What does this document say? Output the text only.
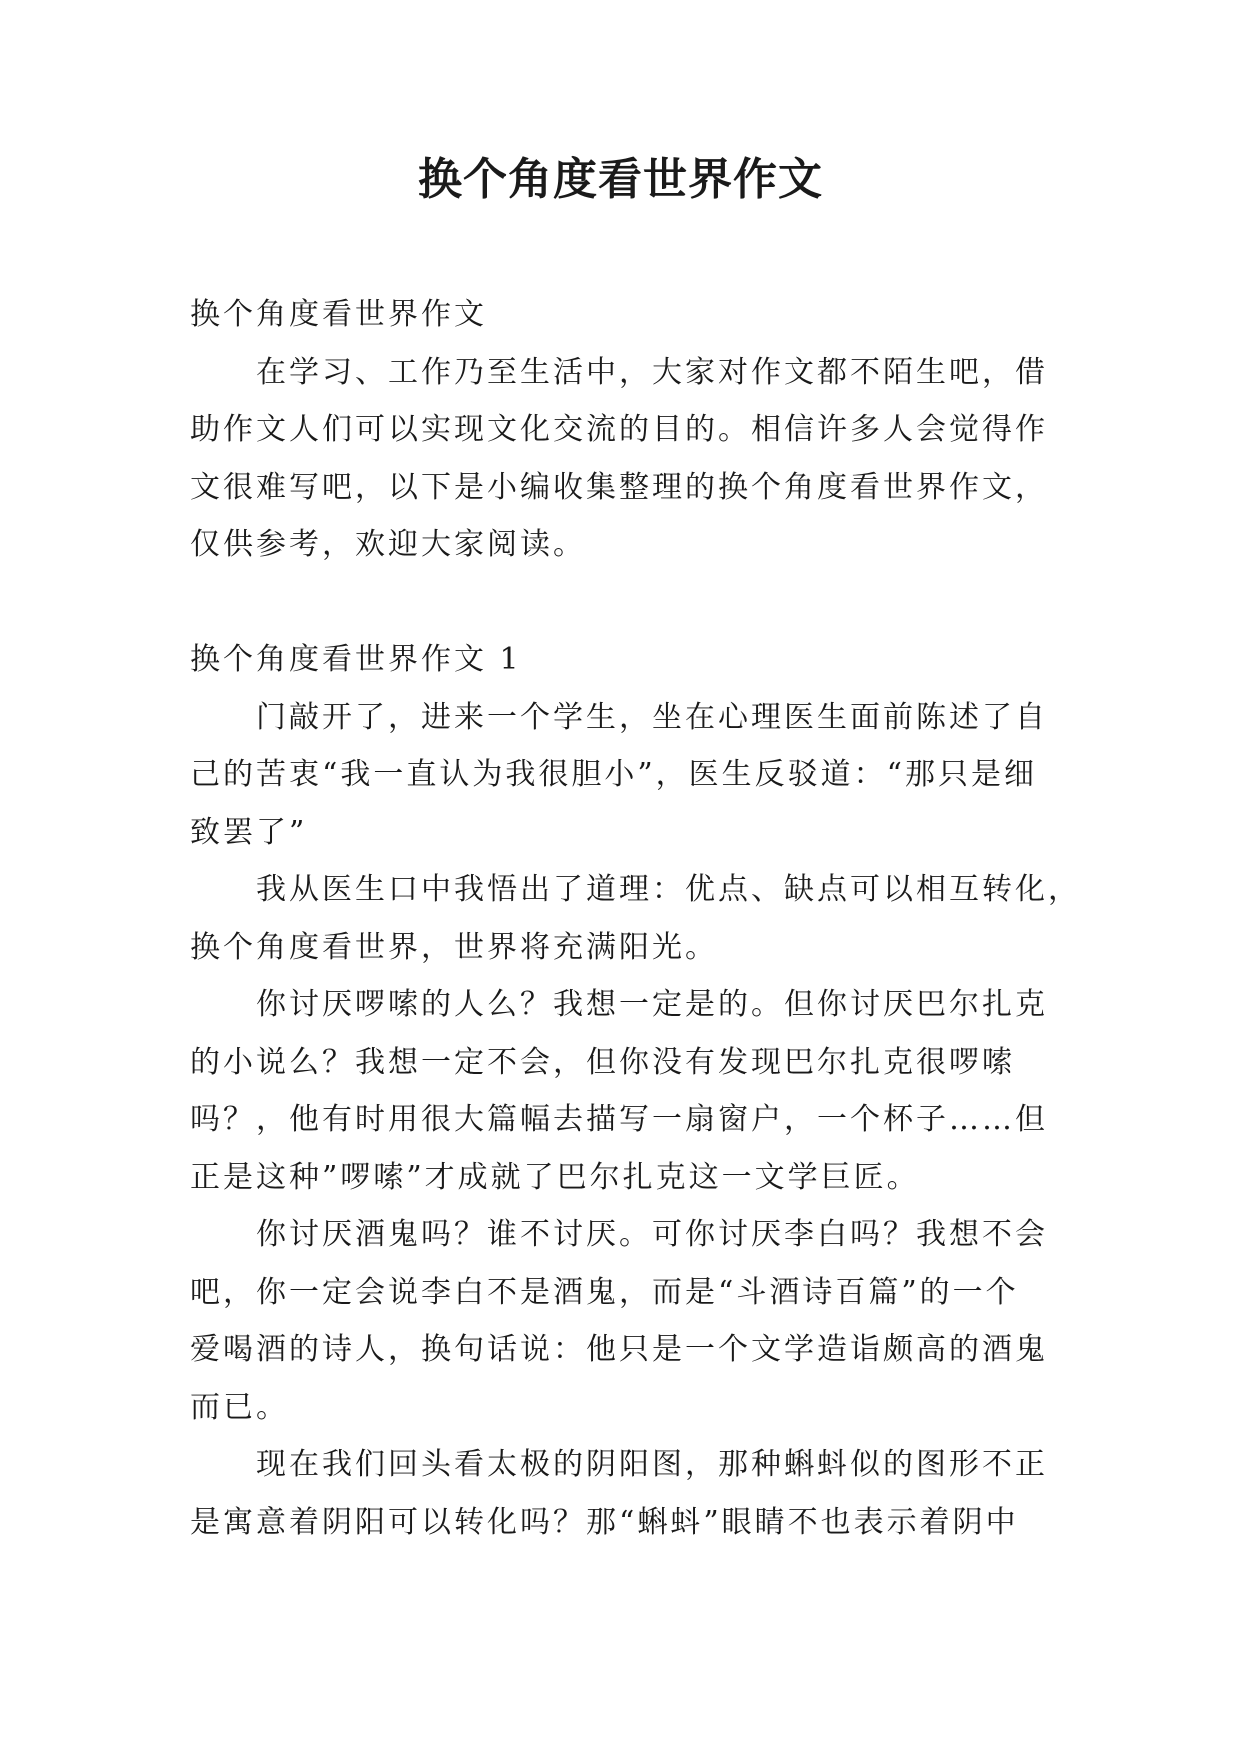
换个角度看世界作文
换个角度看世界作文
在学习、工作乃至生活中，大家对作文都不陌生吧，借
助作文人们可以实现文化交流的目的。相信许多人会觉得作
文很难写吧，以下是小编收集整理的换个角度看世界作文，
仅供参考，欢迎大家阅读。
换个角度看世界作文 1
门敲开了，进来一个学生，坐在心理医生面前陈述了自
己的苦衷“我一直认为我很胆小”，医生反驳道：“那只是细
致罢了”
我从医生口中我悟出了道理：优点、缺点可以相互转化，
换个角度看世界，世界将充满阳光。
你讨厌啰嗦的人么？我想一定是的。但你讨厌巴尔扎克
的小说么？我想一定不会，但你没有发现巴尔扎克很啰嗦
吗？，他有时用很大篇幅去描写一扇窗户，一个杯子……但
正是这种”啰嗦”才成就了巴尔扎克这一文学巨匠。
你讨厌酒鬼吗？谁不讨厌。可你讨厌李白吗？我想不会
吧，你一定会说李白不是酒鬼，而是“斗酒诗百篇”的一个
爱喝酒的诗人，换句话说：他只是一个文学造诣颇高的酒鬼
而已。
现在我们回头看太极的阴阳图，那种蝌蚪似的图形不正
是寓意着阴阳可以转化吗？那“蝌蚪”眼睛不也表示着阴中
